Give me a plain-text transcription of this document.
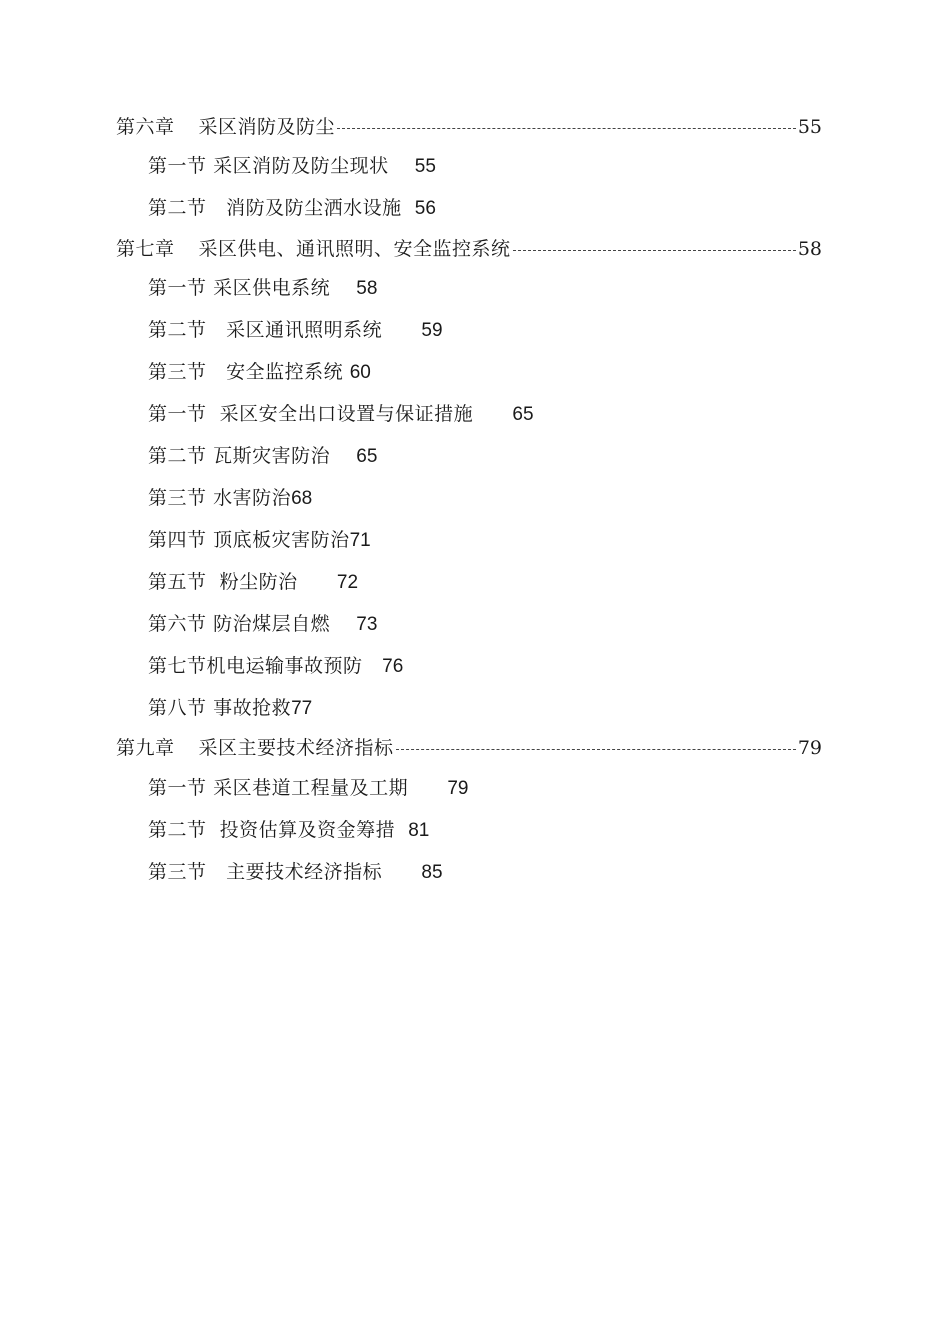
第六章 采区消防及防尘	55
第一节 采区消防及防尘现状 55
第二节 消防及防尘洒水设施 56
第七章 采区供电、通讯照明、安全监控系统	58
第一节 采区供电系统 58
第二节 采区通讯照明系统 59
第三节 安全监控系统 60
第一节 采区安全出口设置与保证措施 65
第二节 瓦斯灾害防治 65
第三节 水害防治68
第四节 顶底板灾害防治71
第五节 粉尘防治 72
第六节 防治煤层自燃 73
第七节机电运输事故预防 76
第八节 事故抢救77
第九章 采区主要技术经济指标	79
第一节 采区巷道工程量及工期 79
第二节 投资估算及资金筹措 81
第三节 主要技术经济指标 85
